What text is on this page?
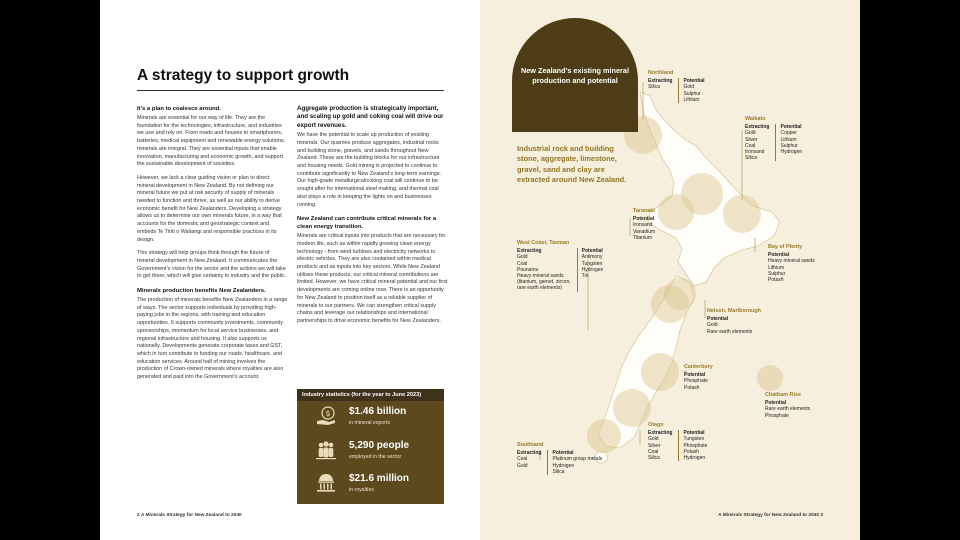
A strategy to support growth
It’s a plan to coalesce around.

Minerals are essential for our way of life. They are the foundation for the technologies, infrastructure, and industries we use and rely on. From roads and houses to smartphones, batteries, medical equipment and renewable energy solutions, minerals are integral. They are essential inputs that enable innovation, manufacturing and economic growth, and support the sustainable development of societies.

However, we lack a clear guiding vision or plan to direct mineral development in New Zealand. By not defining our mineral future we put at risk security of supply of minerals needed to function and thrive, as well as our ability to derive economic benefit for New Zealanders. Developing a strategy allows us to determine our own minerals future, in a way that accounts for the domestic and geostrategic context and embeds Te Tiriti o Waitangi and responsible practices in its design.

This strategy will help groups think through the future of mineral development in New Zealand. It communicates the Government’s vision for the sector and the actions we will take to get there, which will give certainty to industry and the public.

Minerals production benefits New Zealanders.

The production of minerals benefits New Zealanders in a range of ways. The sector supports individuals by providing high-paying jobs in the regions, with training and education opportunities. It supports community investments, community sponsorships, momentum for local service businesses, and regional infrastructure and housing. It also supports us nationally. Developments generate corporate taxes and GST, which in turn contribute to funding our roads, healthcare, and education services. Around half of mining involves the production of Crown-owned minerals where royalties are also generated and paid into the Government’s account.

Aggregate production is strategically important, and scaling up gold and coking coal will drive our export revenues.

We have the potential to scale up production of existing minerals. Our quarries produce aggregates, industrial rocks and building stone, gravels, and sands throughout New Zealand. These are the building blocks for our infrastructure and housing needs. Gold mining is projected to continue to contribute significantly to New Zealand’s long-term earnings. Our high-grade metallurgical/coking coal will continue to be sought after for international steel making, and thermal coal also plays a role in keeping the lights on and businesses running.

New Zealand can contribute critical minerals for a clean energy transition.

Minerals are critical inputs into products that are necessary for modern life, such as within rapidly growing clean energy technology - from wind turbines and electricity networks to electric vehicles. They are also contained within medical products and as inputs into key sectors. While New Zealand utilises these products, our critical mineral contributions are limited. However, we have critical mineral potential and our first developments are coming online now. There is an opportunity for New Zealand to position itself as a reliable supplier of minerals to our partners. We can strengthen critical supply chains and leverage our relationships and international partnerships to drive economic benefits for New Zealanders.

Industry statistics (for the year to June 2023)
$ $1.46 billion
in mineral exports
5,290 people
employed in the sector
$21.6 million
in royalties
2 A Minerals Strategy for New Zealand to 2040
New Zealand’s existing mineral production and potential
Industrial rock and building stone, aggregate, limestone, gravel, sand and clay are extracted around New Zealand.
Northland
Extracting
Silica
Potential
Gold
Sulphur
Lithium
Waikato
Extracting
Gold
Silver
Coal
Ironsand
Silica
Potential
Copper
Lithium
Sulphur
Hydrogen
Taranaki
Potential
Ironsand
Vanadium
Titanium
Bay of Plenty
Potential
Heavy mineral sands
Lithium
Sulphur
Potash
West Coast, Tasman
Extracting
Gold
Coal
Pounamu
Heavy mineral sands
(titanium, garnet, zircon,
rare earth elements)
Potential
Antimony
Tungsten
Hydrogen
Tin
Nelson, Marlborough
Potential
Gold
Rare earth elements
Canterbury
Potential
Phosphate
Potash
Chatham Rise
Potential
Rare earth elements
Phosphate
Otago
Extracting
Gold
Silver
Coal
Silica
Potential
Tungsten
Phosphate
Potash
Hydrogen
Southland
Extracting
Coal
Gold
Potential
Platinum group metals
Hydrogen
Silica
A Minerals Strategy for New Zealand to 2040 3
